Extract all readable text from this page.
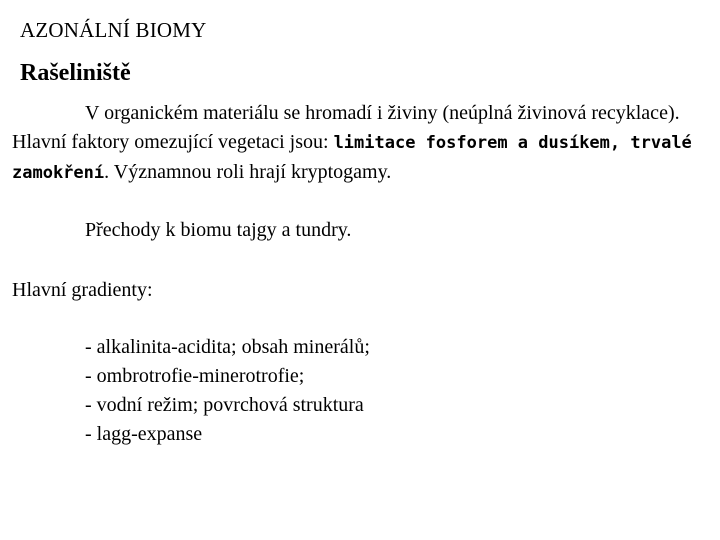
AZONÁLNÍ BIOMY
Rašeliniště

V organickém materiálu se hromadí i živiny (neúplná živinová recyklace). Hlavní faktory omezující vegetaci jsou: limitace fosforem a dusíkem, trvalé zamokření. Významnou roli hrají kryptogamy.

Přechody k biomu tajgy a tundry.

Hlavní gradienty:

- alkalinita-acidita; obsah minerálů;
- ombrotrofie-minerotrofie;
- vodní režim; povrchová struktura
- lagg-expanse
